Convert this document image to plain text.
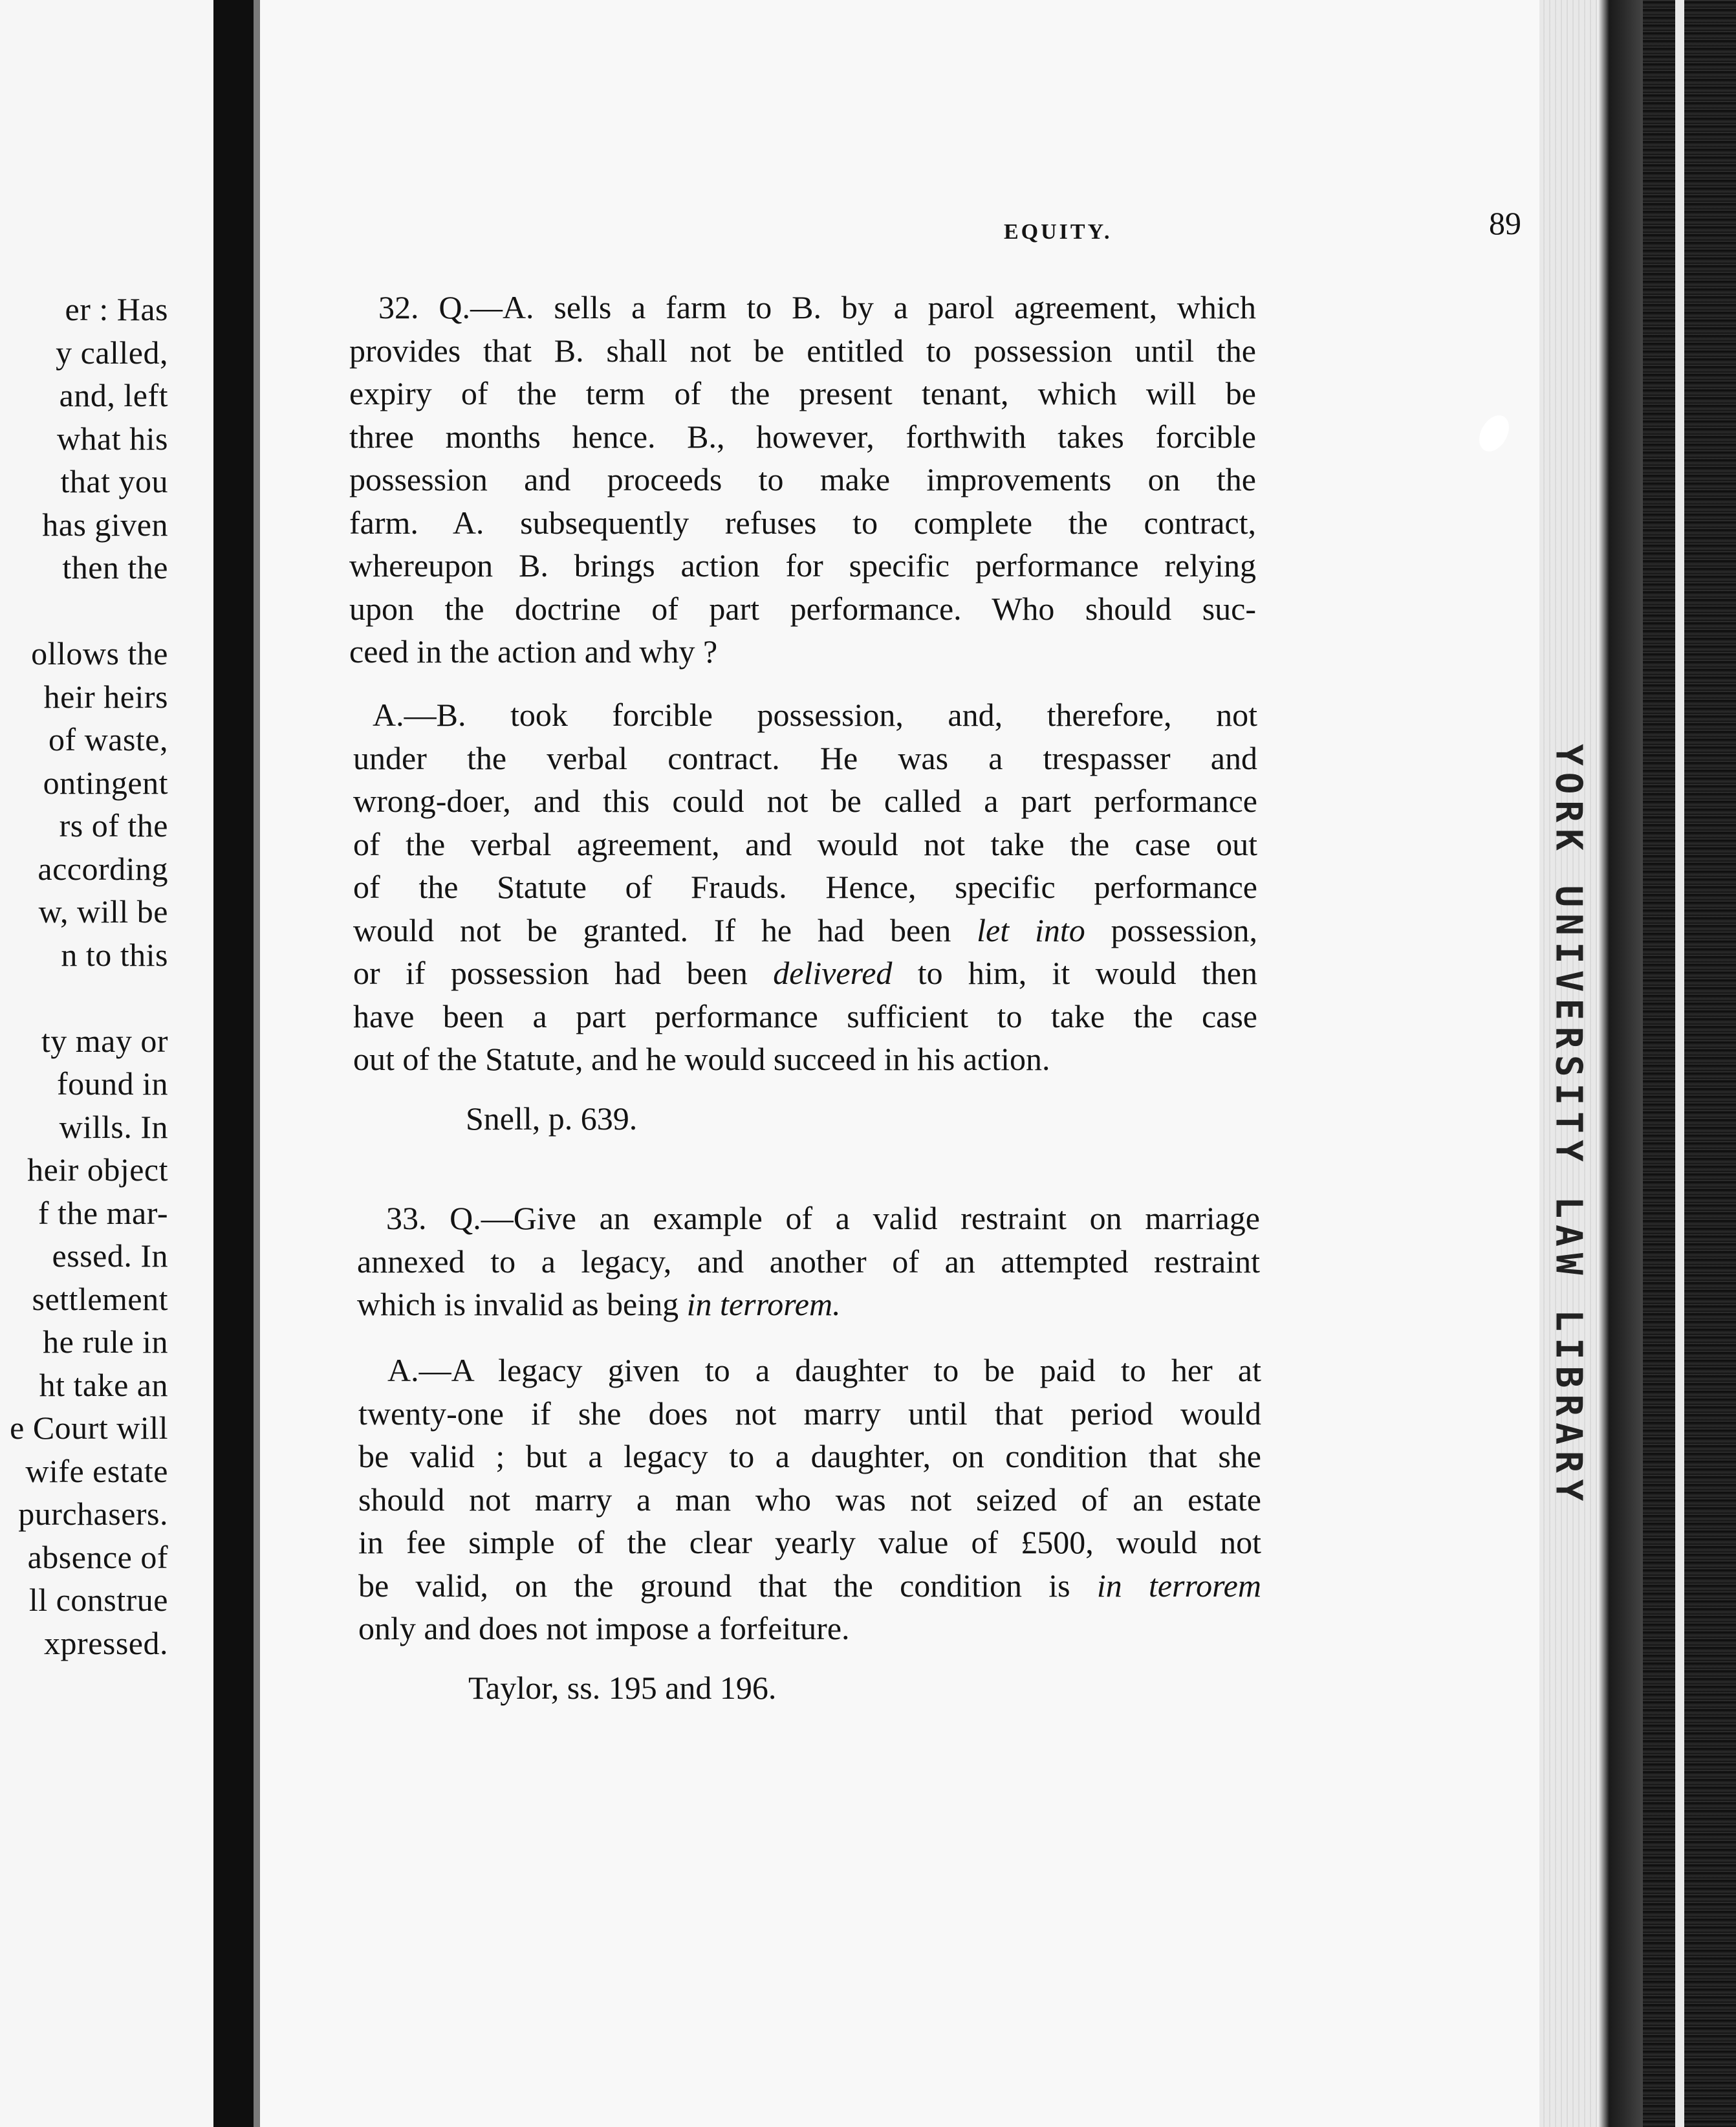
er : Has
y called,
and, left
what his
that you
has given
then the

ollows the
heir heirs
of waste,
ontingent
rs of the
according
w, will be
n to this

ty may or
found in
wills. In
heir object
f the mar-
essed. In
settlement
he rule in
ht take an
e Court will
wife estate
purchasers.
absence of
ll construe
xpressed.
EQUITY.	89
32. Q.—A. sells a farm to B. by a parol agreement, which
provides that B. shall not be entitled to possession until the
expiry of the term of the present tenant, which will be
three months hence. B., however, forthwith takes forcible
possession and proceeds to make improvements on the
farm. A. subsequently refuses to complete the contract,
whereupon B. brings action for specific performance relying
upon the doctrine of part performance. Who should suc-
ceed in the action and why ?
A.—B. took forcible possession, and, therefore, not
under the verbal contract. He was a trespasser and
wrong-doer, and this could not be called a part performance
of the verbal agreement, and would not take the case out
of the Statute of Frauds. Hence, specific performance
would not be granted. If he had been let into possession,
or if possession had been delivered to him, it would then
have been a part performance sufficient to take the case
out of the Statute, and he would succeed in his action.
Snell, p. 639.
33. Q.—Give an example of a valid restraint on marriage
annexed to a legacy, and another of an attempted restraint
which is invalid as being in terrorem.
A.—A legacy given to a daughter to be paid to her at
twenty-one if she does not marry until that period would
be valid ; but a legacy to a daughter, on condition that she
should not marry a man who was not seized of an estate
in fee simple of the clear yearly value of £500, would not
be valid, on the ground that the condition is in terrorem
only and does not impose a forfeiture.
Taylor, ss. 195 and 196.
YORK UNIVERSITY LAW LIBRARY
